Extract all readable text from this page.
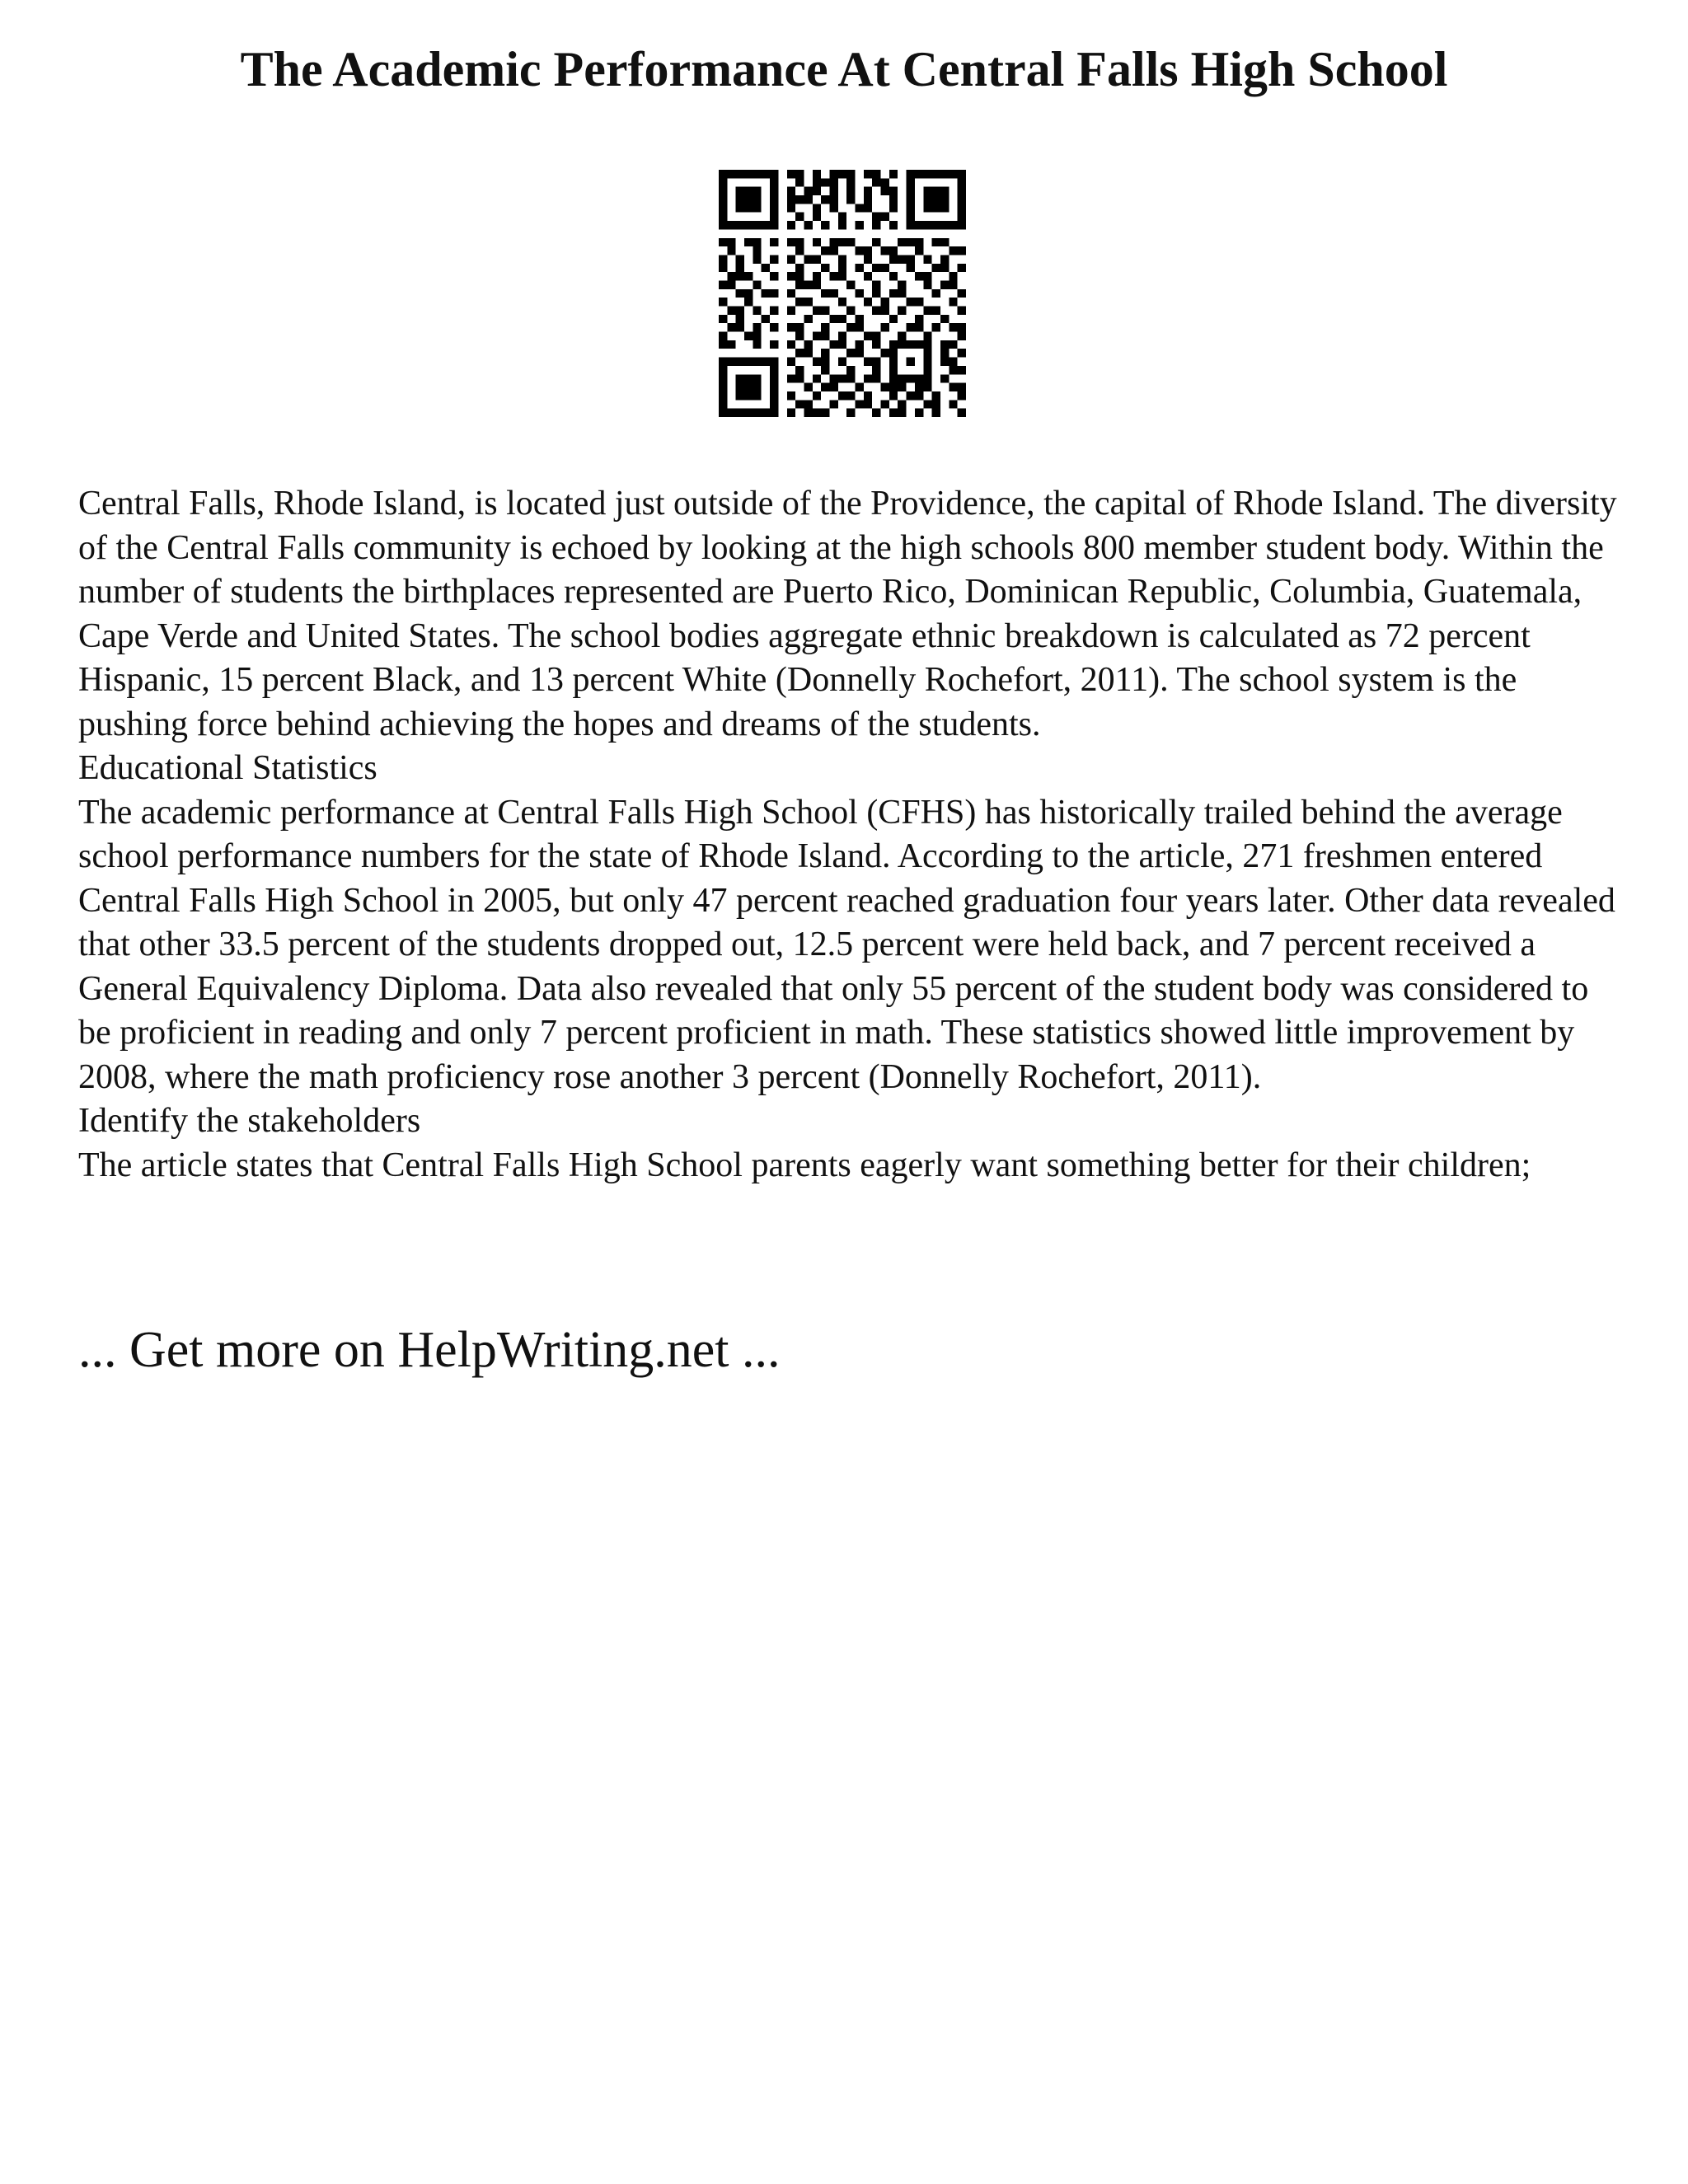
The Academic Performance At Central Falls High School

Central Falls, Rhode Island, is located just outside of the Providence, the capital of Rhode Island. The diversity of the Central Falls community is echoed by looking at the high schools 800 member student body. Within the number of students the birthplaces represented are Puerto Rico, Dominican Republic, Columbia, Guatemala, Cape Verde and United States. The school bodies aggregate ethnic breakdown is calculated as 72 percent Hispanic, 15 percent Black, and 13 percent White (Donnelly Rochefort, 2011). The school system is the pushing force behind achieving the hopes and dreams of the students.

Educational Statistics

The academic performance at Central Falls High School (CFHS) has historically trailed behind the average school performance numbers for the state of Rhode Island. According to the article, 271 freshmen entered Central Falls High School in 2005, but only 47 percent reached graduation four years later. Other data revealed that other 33.5 percent of the students dropped out, 12.5 percent were held back, and 7 percent received a General Equivalency Diploma. Data also revealed that only 55 percent of the student body was considered to be proficient in reading and only 7 percent proficient in math. These statistics showed little improvement by 2008, where the math proficiency rose another 3 percent (Donnelly Rochefort, 2011).

Identify the stakeholders

The article states that Central Falls High School parents eagerly want something better for their children;

... Get more on HelpWriting.net ...
